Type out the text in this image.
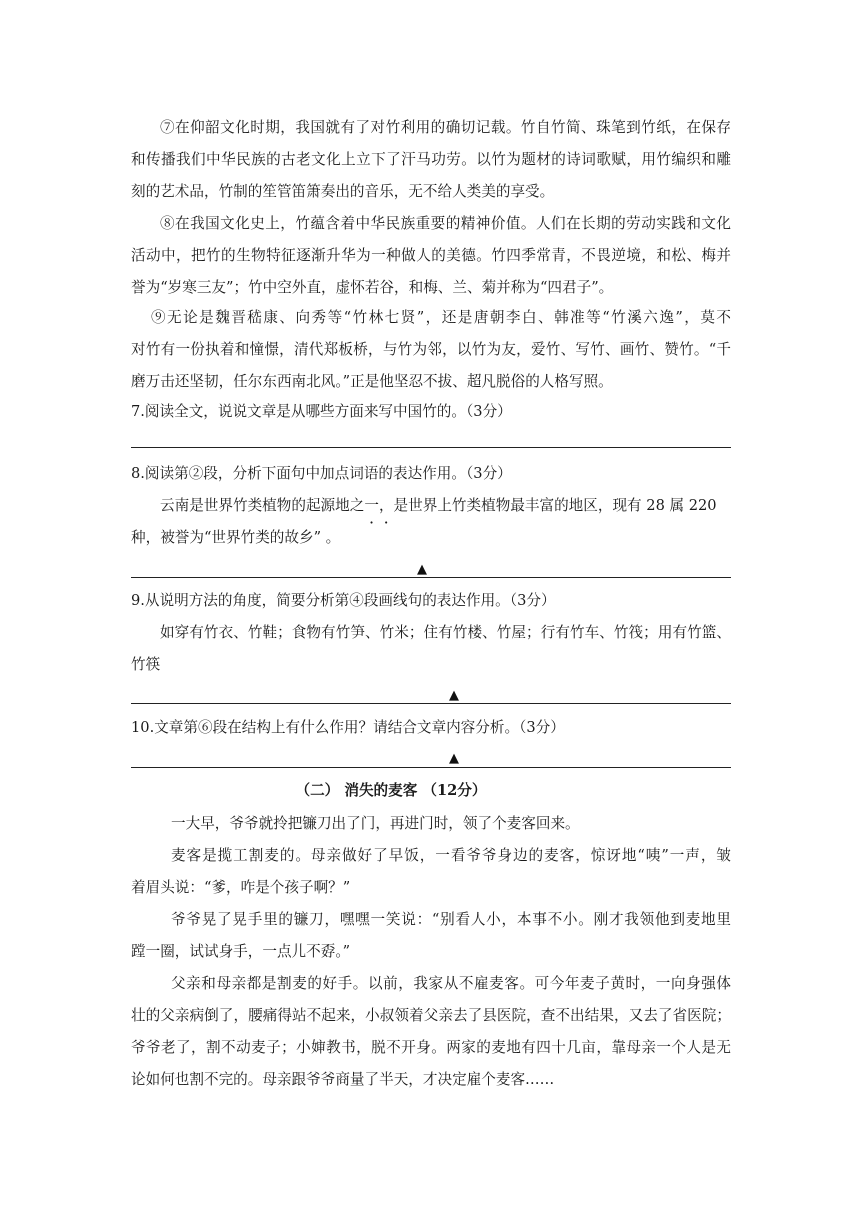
⑦在仰韶文化时期，我国就有了对竹利用的确切记载。竹自竹简、珠笔到竹纸，在保存
和传播我们中华民族的古老文化上立下了汗马功劳。以竹为题材的诗词歌赋，用竹编织和雕
刻的艺术品，竹制的笙管笛箫奏出的音乐，无不给人类美的享受。
⑧在我国文化史上，竹蕴含着中华民族重要的精神价值。人们在长期的劳动实践和文化
活动中，把竹的生物特征逐渐升华为一种做人的美德。竹四季常青，不畏逆境，和松、梅并
誉为“岁寒三友”；竹中空外直，虚怀若谷，和梅、兰、菊并称为“四君子”。
⑨无论是魏晋嵇康、向秀等“竹林七贤”，还是唐朝李白、韩准等“竹溪六逸”，莫不
对竹有一份执着和憧憬，清代郑板桥，与竹为邻，以竹为友，爱竹、写竹、画竹、赞竹。“千
磨万击还坚韧，任尔东西南北风。”正是他坚忍不拔、超凡脱俗的人格写照。
7.阅读全文，说说文章是从哪些方面来写中国竹的。（3分）
8.阅读第②段，分析下面句中加点词语的表达作用。（3分）
云南是世界竹类植物的起源地之一，是世界上竹类植物最丰富的地区，现有 28 属 220
种，被誉为“世界竹类的故乡” 。
▲
9.从说明方法的角度，简要分析第④段画线句的表达作用。（3分）
如穿有竹衣、竹鞋；食物有竹笋、竹米；住有竹楼、竹屋；行有竹车、竹筏；用有竹篮、
竹筷
▲
10.文章第⑥段在结构上有什么作用？请结合文章内容分析。（3分）
▲
（二） 消失的麦客 （12分）
一大早，爷爷就拎把镰刀出了门，再进门时，领了个麦客回来。
麦客是揽工割麦的。母亲做好了早饭，一看爷爷身边的麦客，惊讶地“咦”一声，皱
着眉头说：“爹，咋是个孩子啊？”
爷爷晃了晃手里的镰刀，嘿嘿一笑说：“别看人小，本事不小。刚才我领他到麦地里
蹚一圈，试试身手，一点儿不孬。”
父亲和母亲都是割麦的好手。以前，我家从不雇麦客。可今年麦子黄时，一向身强体
壮的父亲病倒了，腰痛得站不起来，小叔领着父亲去了县医院，查不出结果，又去了省医院；
爷爷老了，割不动麦子；小婶教书，脱不开身。两家的麦地有四十几亩，靠母亲一个人是无
论如何也割不完的。母亲跟爷爷商量了半天，才决定雇个麦客……
